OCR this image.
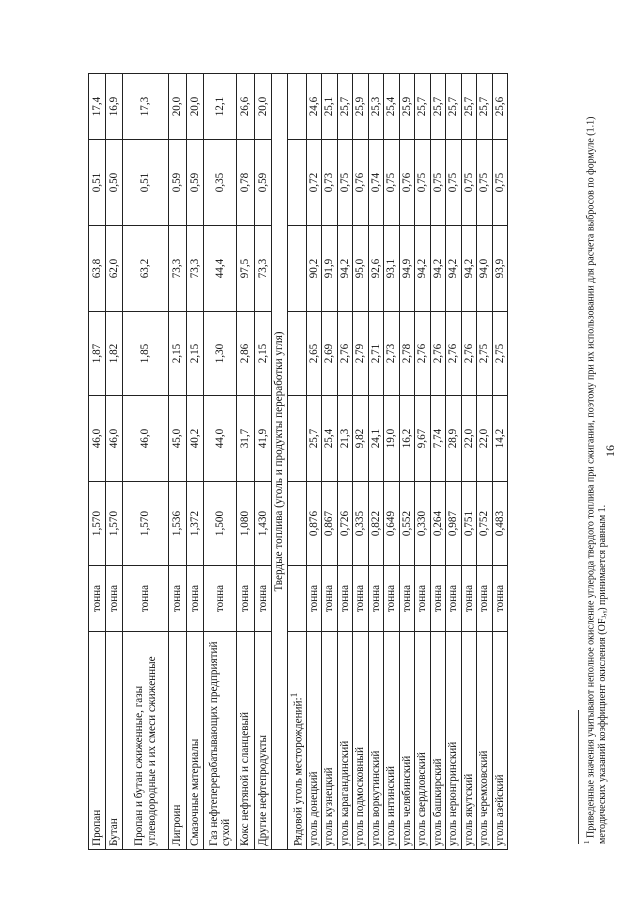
Пропан	тонна	1,570	46,0	1,87	63,8	0,51	17,4
Бутан	тонна	1,570	46,0	1,82	62,0	0,50	16,9
Пропан и бутан сжиженные, газы углеводородные и их смеси сжиженные	тонна	1,570	46,0	1,85	63,2	0,51	17,3
Лигроин	тонна	1,536	45,0	2,15	73,3	0,59	20,0
Смазочные материалы	тонна	1,372	40,2	2,15	73,3	0,59	20,0
Газ нефтеперерабатывающих предприятий сухой	тонна	1,500	44,0	1,30	44,4	0,35	12,1
Кокс нефтяной и сланцевый	тонна	1,080	31,7	2,86	97,5	0,78	26,6
Другие нефтепродукты	тонна	1,430	41,9	2,15	73,3	0,59	20,0
Твердые топлива (уголь и продукты переработки угля)							
Рядовой уголь месторождений:$^1$							
уголь донецкий	тонна	0,876	25,7	2,65	90,2	0,72	24,6
уголь кузнецкий	тонна	0,867	25,4	2,69	91,9	0,73	25,1
уголь карагандинский	тонна	0,726	21,3	2,76	94,2	0,75	25,7
уголь подмосковный	тонна	0,335	9,82	2,79	95,0	0,76	25,9
уголь воркутинский	тонна	0,822	24,1	2,71	92,6	0,74	25,3
уголь интинский	тонна	0,649	19,0	2,73	93,1	0,75	25,4
уголь челябинский	тонна	0,552	16,2	2,78	94,9	0,76	25,9
уголь свердловский	тонна	0,330	9,67	2,76	94,2	0,75	25,7
уголь башкирский	тонна	0,264	7,74	2,76	94,2	0,75	25,7
уголь нерюнгринский	тонна	0,987	28,9	2,76	94,2	0,75	25,7
уголь якутский	тонна	0,751	22,0	2,76	94,2	0,75	25,7
уголь черемховский	тонна	0,752	22,0	2,75	94,0	0,75	25,7
уголь азейский	тонна	0,483	14,2	2,75	93,9	0,75	25,6
$^1$ Приведенные значения учитывают неполное окисление углерода твердого топлива при сжигании, поэтому при их использовании для расчета выбросов по формуле (1.1) методических указаний коэффициент окисления (OFⱼ,ᵧ) принимается равным 1.
16
